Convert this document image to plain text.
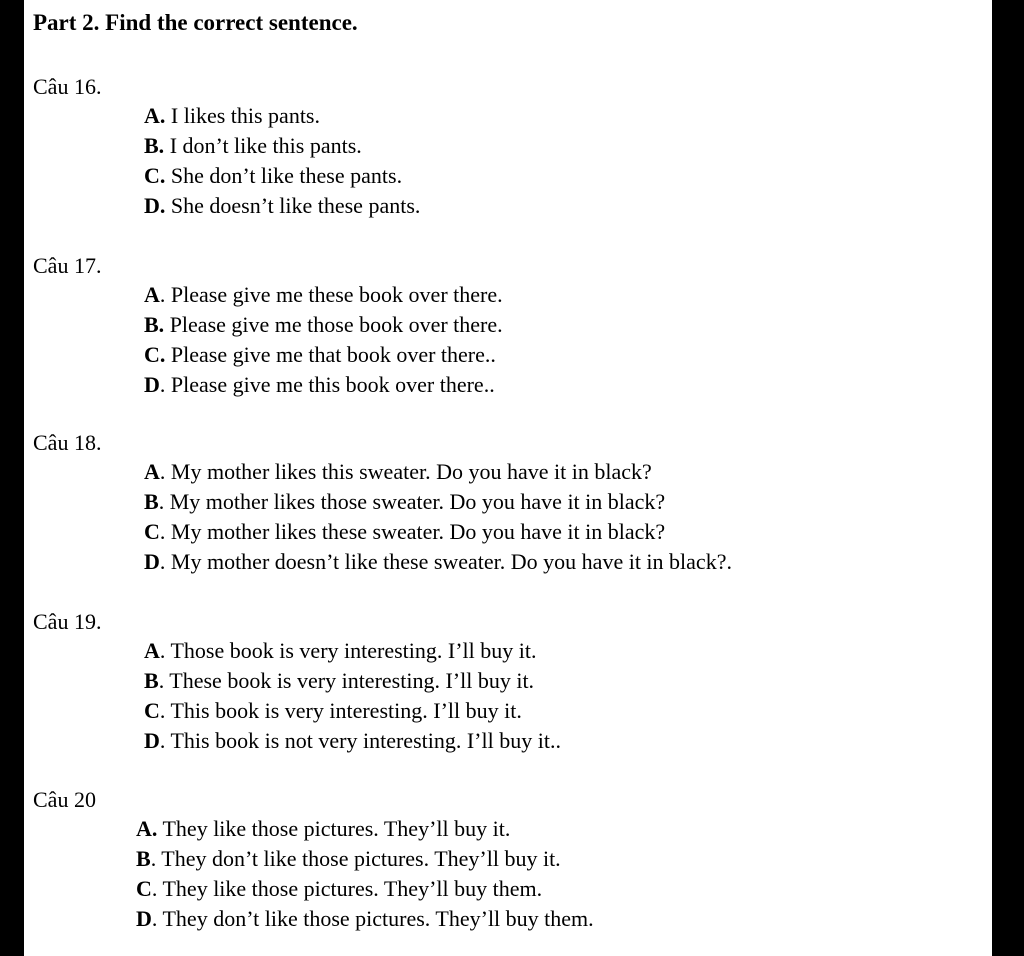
Part 2. Find the correct sentence.
Câu 16.
A. I likes this pants.
B. I don’t like this pants.
C. She don’t like these pants.
D. She doesn’t like these pants.
Câu 17.
A. Please give me these book over there.
B. Please give me those book over there.
C. Please give me that book over there..
D. Please give me this book over there..
Câu 18.
A. My mother likes this sweater. Do you have it in black?
B. My mother likes those sweater. Do you have it in black?
C. My mother likes these sweater. Do you have it in black?
D. My mother doesn’t like these sweater. Do you have it in black?.
Câu 19.
A. Those book is very interesting. I’ll buy it.
B. These book is very interesting. I’ll buy it.
C. This book is very interesting. I’ll buy it.
D. This book is not very interesting. I’ll buy it..
Câu 20
A. They like those pictures. They’ll buy it.
B. They don’t like those pictures. They’ll buy it.
C. They like those pictures. They’ll buy them.
D. They don’t like those pictures. They’ll buy them.
